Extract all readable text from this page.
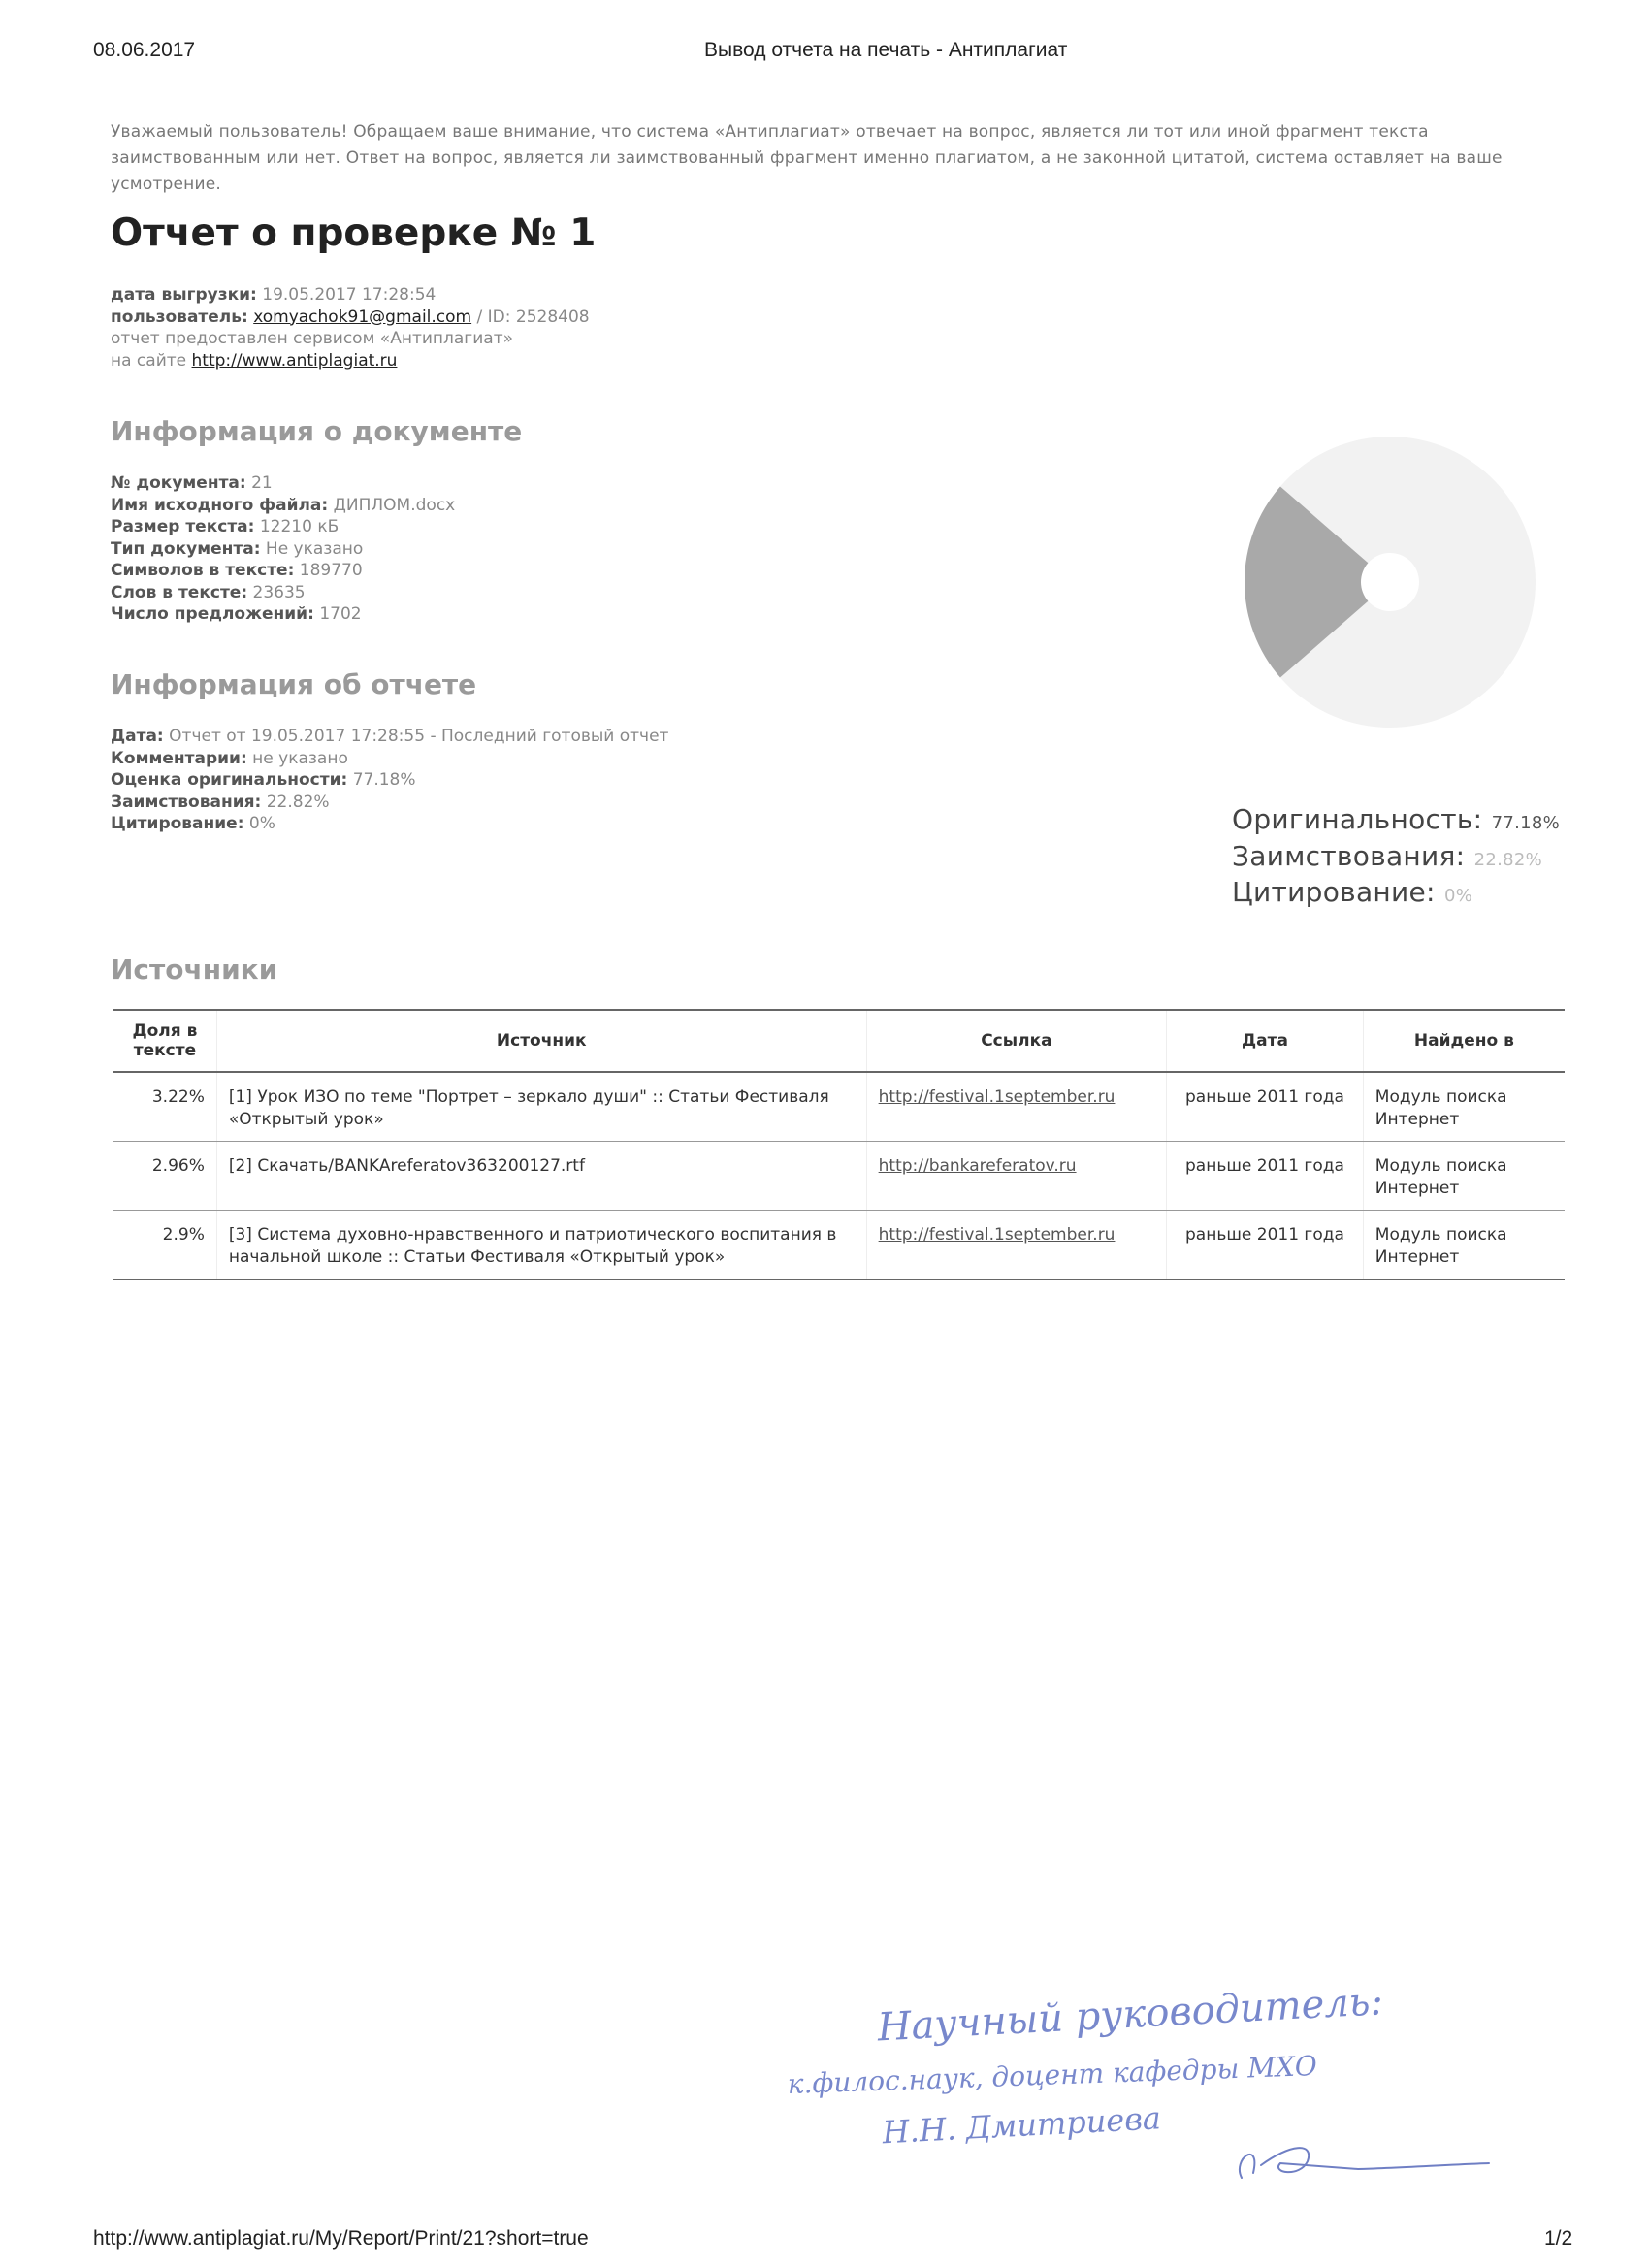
08.06.2017	Вывод отчета на печать - Антиплагиат
Уважаемый пользователь! Обращаем ваше внимание, что система «Антиплагиат» отвечает на вопрос, является ли тот или иной фрагмент текста заимствованным или нет. Ответ на вопрос, является ли заимствованный фрагмент именно плагиатом, а не законной цитатой, система оставляет на ваше усмотрение.
Отчет о проверке № 1
дата выгрузки: 19.05.2017 17:28:54
пользователь: xomyachok91@gmail.com / ID: 2528408
отчет предоставлен сервисом «Антиплагиат»
на сайте http://www.antiplagiat.ru
Информация о документе
№ документа: 21
Имя исходного файла: ДИПЛОМ.docx
Размер текста: 12210 кБ
Тип документа: Не указано
Символов в тексте: 189770
Слов в тексте: 23635
Число предложений: 1702
Информация об отчете
Дата: Отчет от 19.05.2017 17:28:55 - Последний готовый отчет
Комментарии: не указано
Оценка оригинальности: 77.18%
Заимствования: 22.82%
Цитирование: 0%	Оригинальность: 77.18%
Заимствования: 22.82%
Цитирование: 0%
Источники
Доля в тексте	Источник	Ссылка	Дата	Найдено в
3.22%	[1] Урок ИЗО по теме "Портрет – зеркало души" :: Статьи Фестиваля «Открытый урок»	http://festival.1september.ru	раньше 2011 года	Модуль поиска Интернет
2.96%	[2] Скачать/BANKAreferatov363200127.rtf	http://bankareferatov.ru	раньше 2011 года	Модуль поиска Интернет
2.9%	[3] Система духовно-нравственного и патриотического воспитания в начальной школе :: Статьи Фестиваля «Открытый урок»	http://festival.1september.ru	раньше 2011 года	Модуль поиска Интернет
Научный руководитель:
к.филос.наук, доцент кафедры МХО
Н.Н. Дмитриева
http://www.antiplagiat.ru/My/Report/Print/21?short=true	1/2
